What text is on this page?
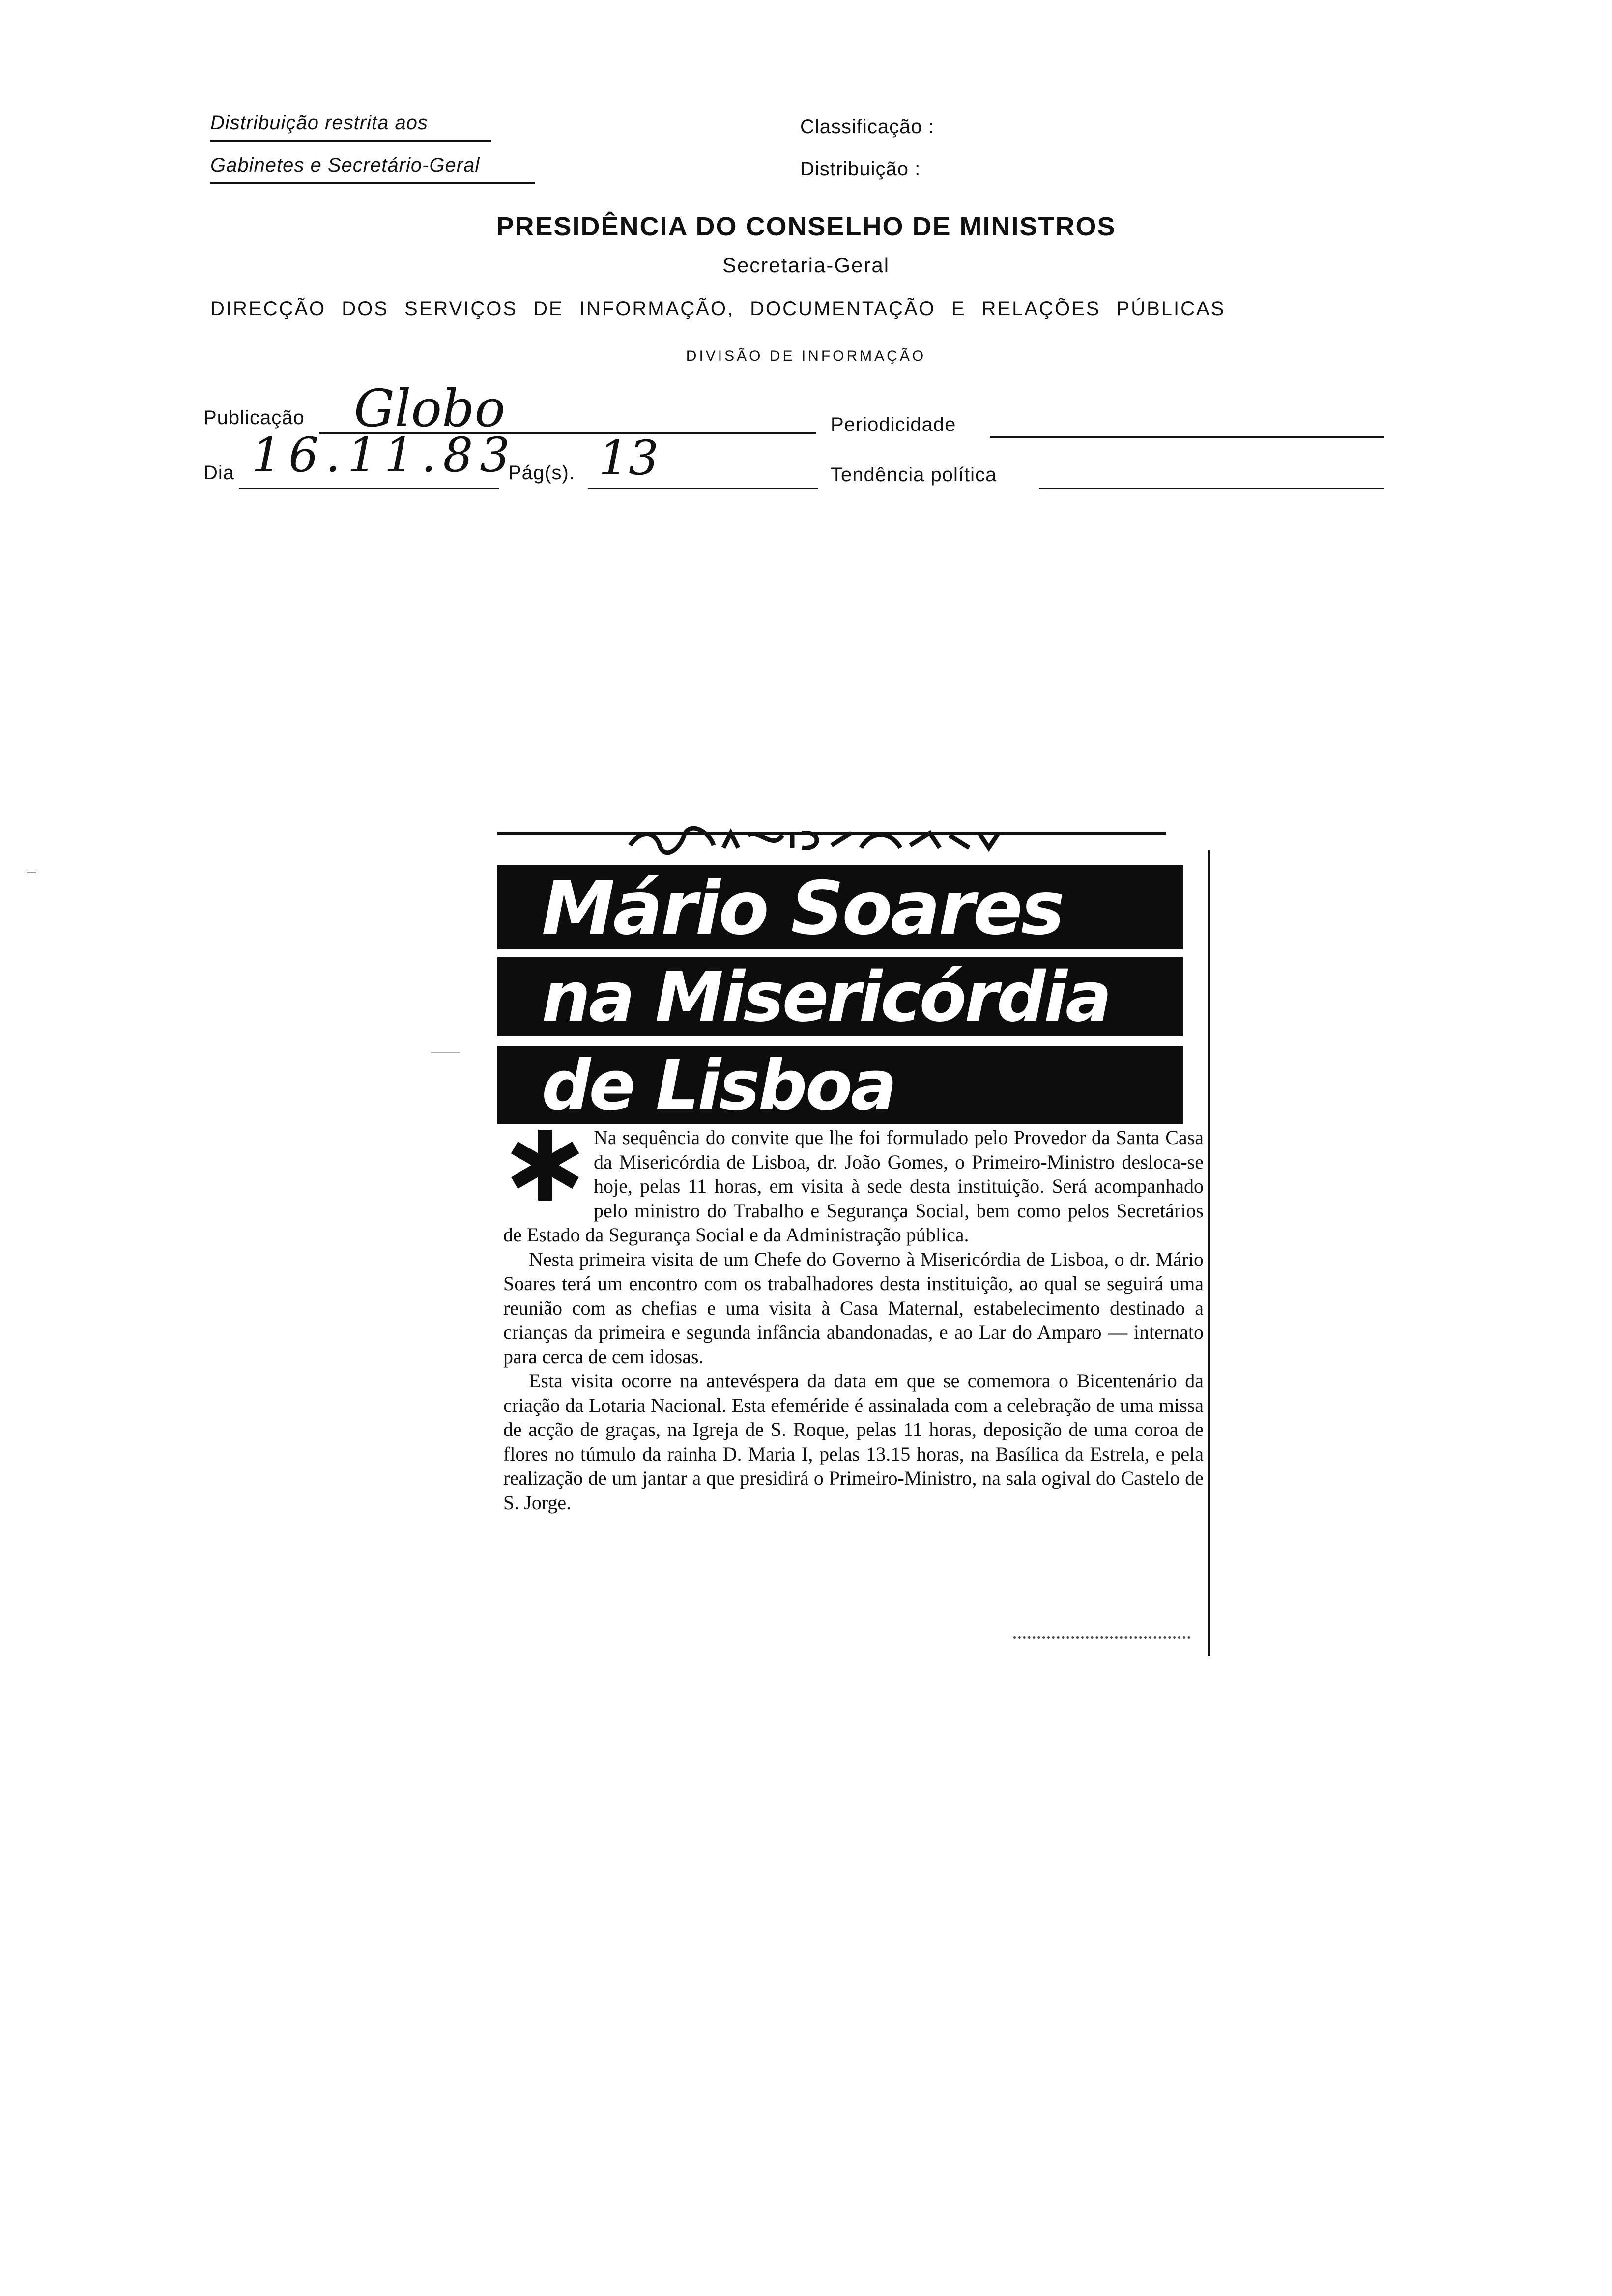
Distribuição restrita aos
Gabinetes e Secretário-Geral
Classificação :
Distribuição :
PRESIDÊNCIA DO CONSELHO DE MINISTROS
Secretaria-Geral
DIRECÇÃO DOS SERVIÇOS DE INFORMAÇÃO, DOCUMENTAÇÃO E RELAÇÕES PÚBLICAS
DIVISÃO DE INFORMAÇÃO
Publicação Globo	Periodicidade
Dia 16.11.83
Pág(s). 13	Tendência política
Mário Soares
na Misericórdia
de Lisboa

Na sequência do convite que lhe foi formulado pelo Provedor da Santa Casa da Misericórdia de Lisboa, dr. João Gomes, o Primeiro-Ministro desloca-se hoje, pelas 11 horas, em visita à sede desta instituição. Será acompanhado pelo ministro do Trabalho e Segurança Social, bem como pelos Secretários de Estado da Segurança Social e da Administração pública.

Nesta primeira visita de um Chefe do Governo à Misericórdia de Lisboa, o dr. Mário Soares terá um encontro com os trabalhadores desta instituição, ao qual se seguirá uma reunião com as chefias e uma visita à Casa Maternal, estabelecimento destinado a crianças da primeira e segunda infância abandonadas, e ao Lar do Amparo — internato para cerca de cem idosas.

Esta visita ocorre na antevéspera da data em que se comemora o Bicentenário da criação da Lotaria Nacional. Esta efeméride é assinalada com a celebração de uma missa de acção de graças, na Igreja de S. Roque, pelas 11 horas, deposição de uma coroa de flores no túmulo da rainha D. Maria I, pelas 13.15 horas, na Basílica da Estrela, e pela realização de um jantar a que presidirá o Primeiro-Ministro, na sala ogival do Castelo de S. Jorge.
